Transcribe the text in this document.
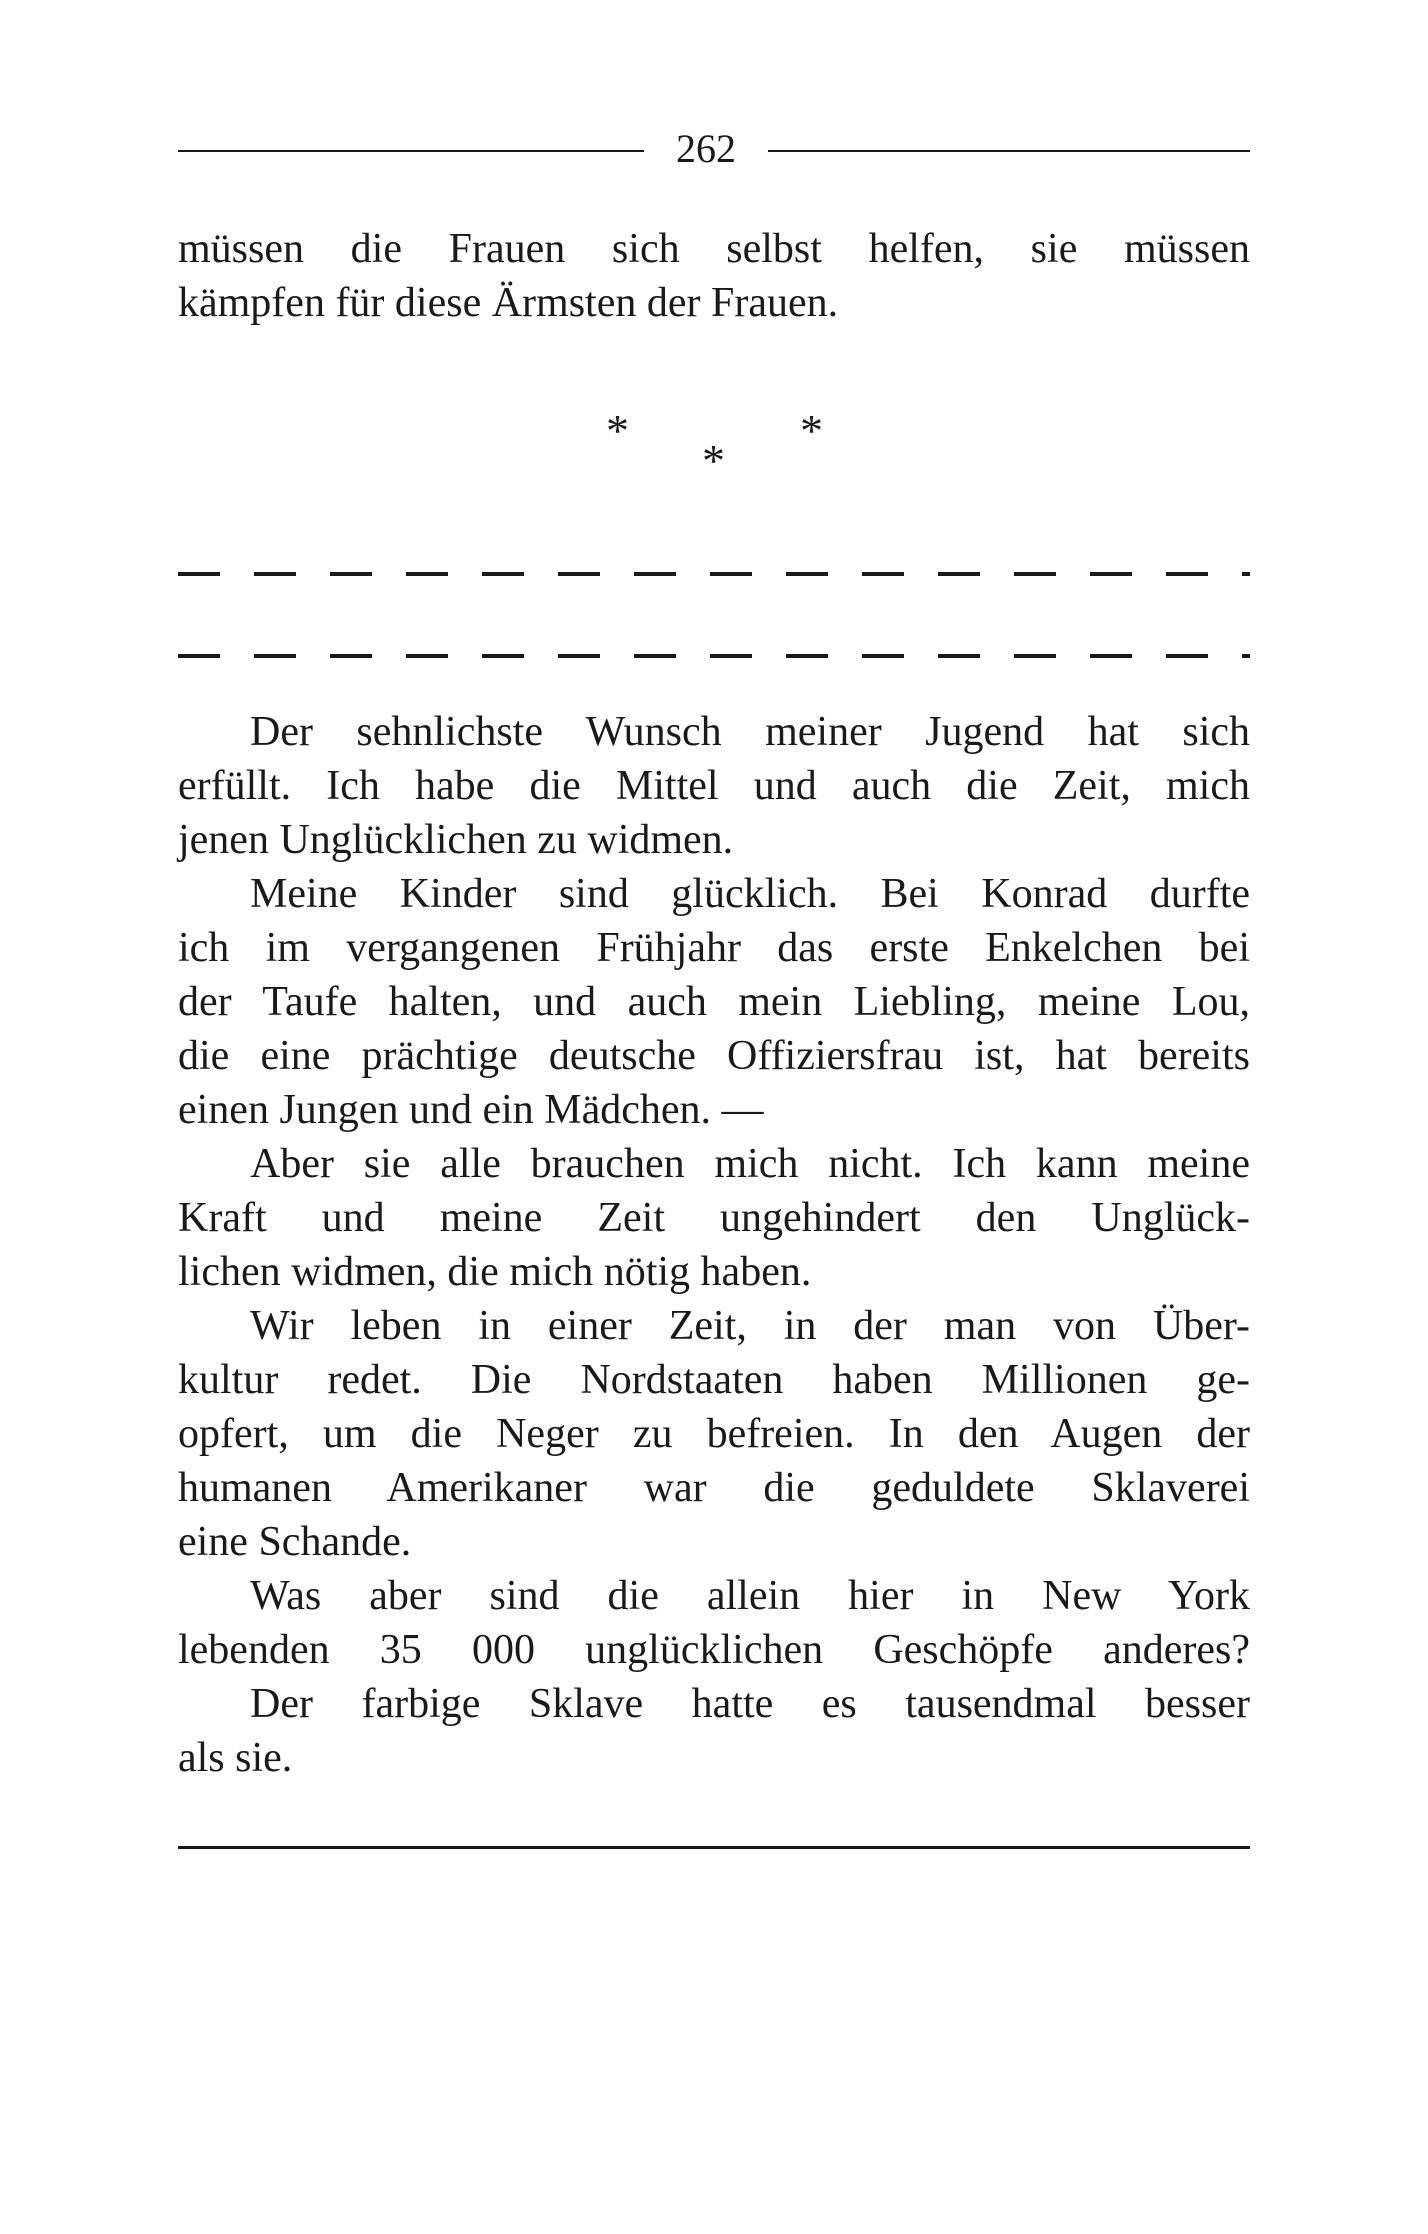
262
müssen die Frauen sich selbst helfen, sie müssen
kämpfen für diese Ärmsten der Frauen.
*	*
*
Der sehnlichste Wunsch meiner Jugend hat sich
erfüllt. Ich habe die Mittel und auch die Zeit, mich
jenen Unglücklichen zu widmen.
Meine Kinder sind glücklich. Bei Konrad durfte
ich im vergangenen Frühjahr das erste Enkelchen bei
der Taufe halten, und auch mein Liebling, meine Lou,
die eine prächtige deutsche Offiziersfrau ist, hat bereits
einen Jungen und ein Mädchen. —
Aber sie alle brauchen mich nicht. Ich kann meine
Kraft und meine Zeit ungehindert den Unglück-
lichen widmen, die mich nötig haben.
Wir leben in einer Zeit, in der man von Über-
kultur redet. Die Nordstaaten haben Millionen ge-
opfert, um die Neger zu befreien. In den Augen der
humanen Amerikaner war die geduldete Sklaverei
eine Schande.
Was aber sind die allein hier in New York
lebenden 35 000 unglücklichen Geschöpfe anderes?
Der farbige Sklave hatte es tausendmal besser
als sie.
